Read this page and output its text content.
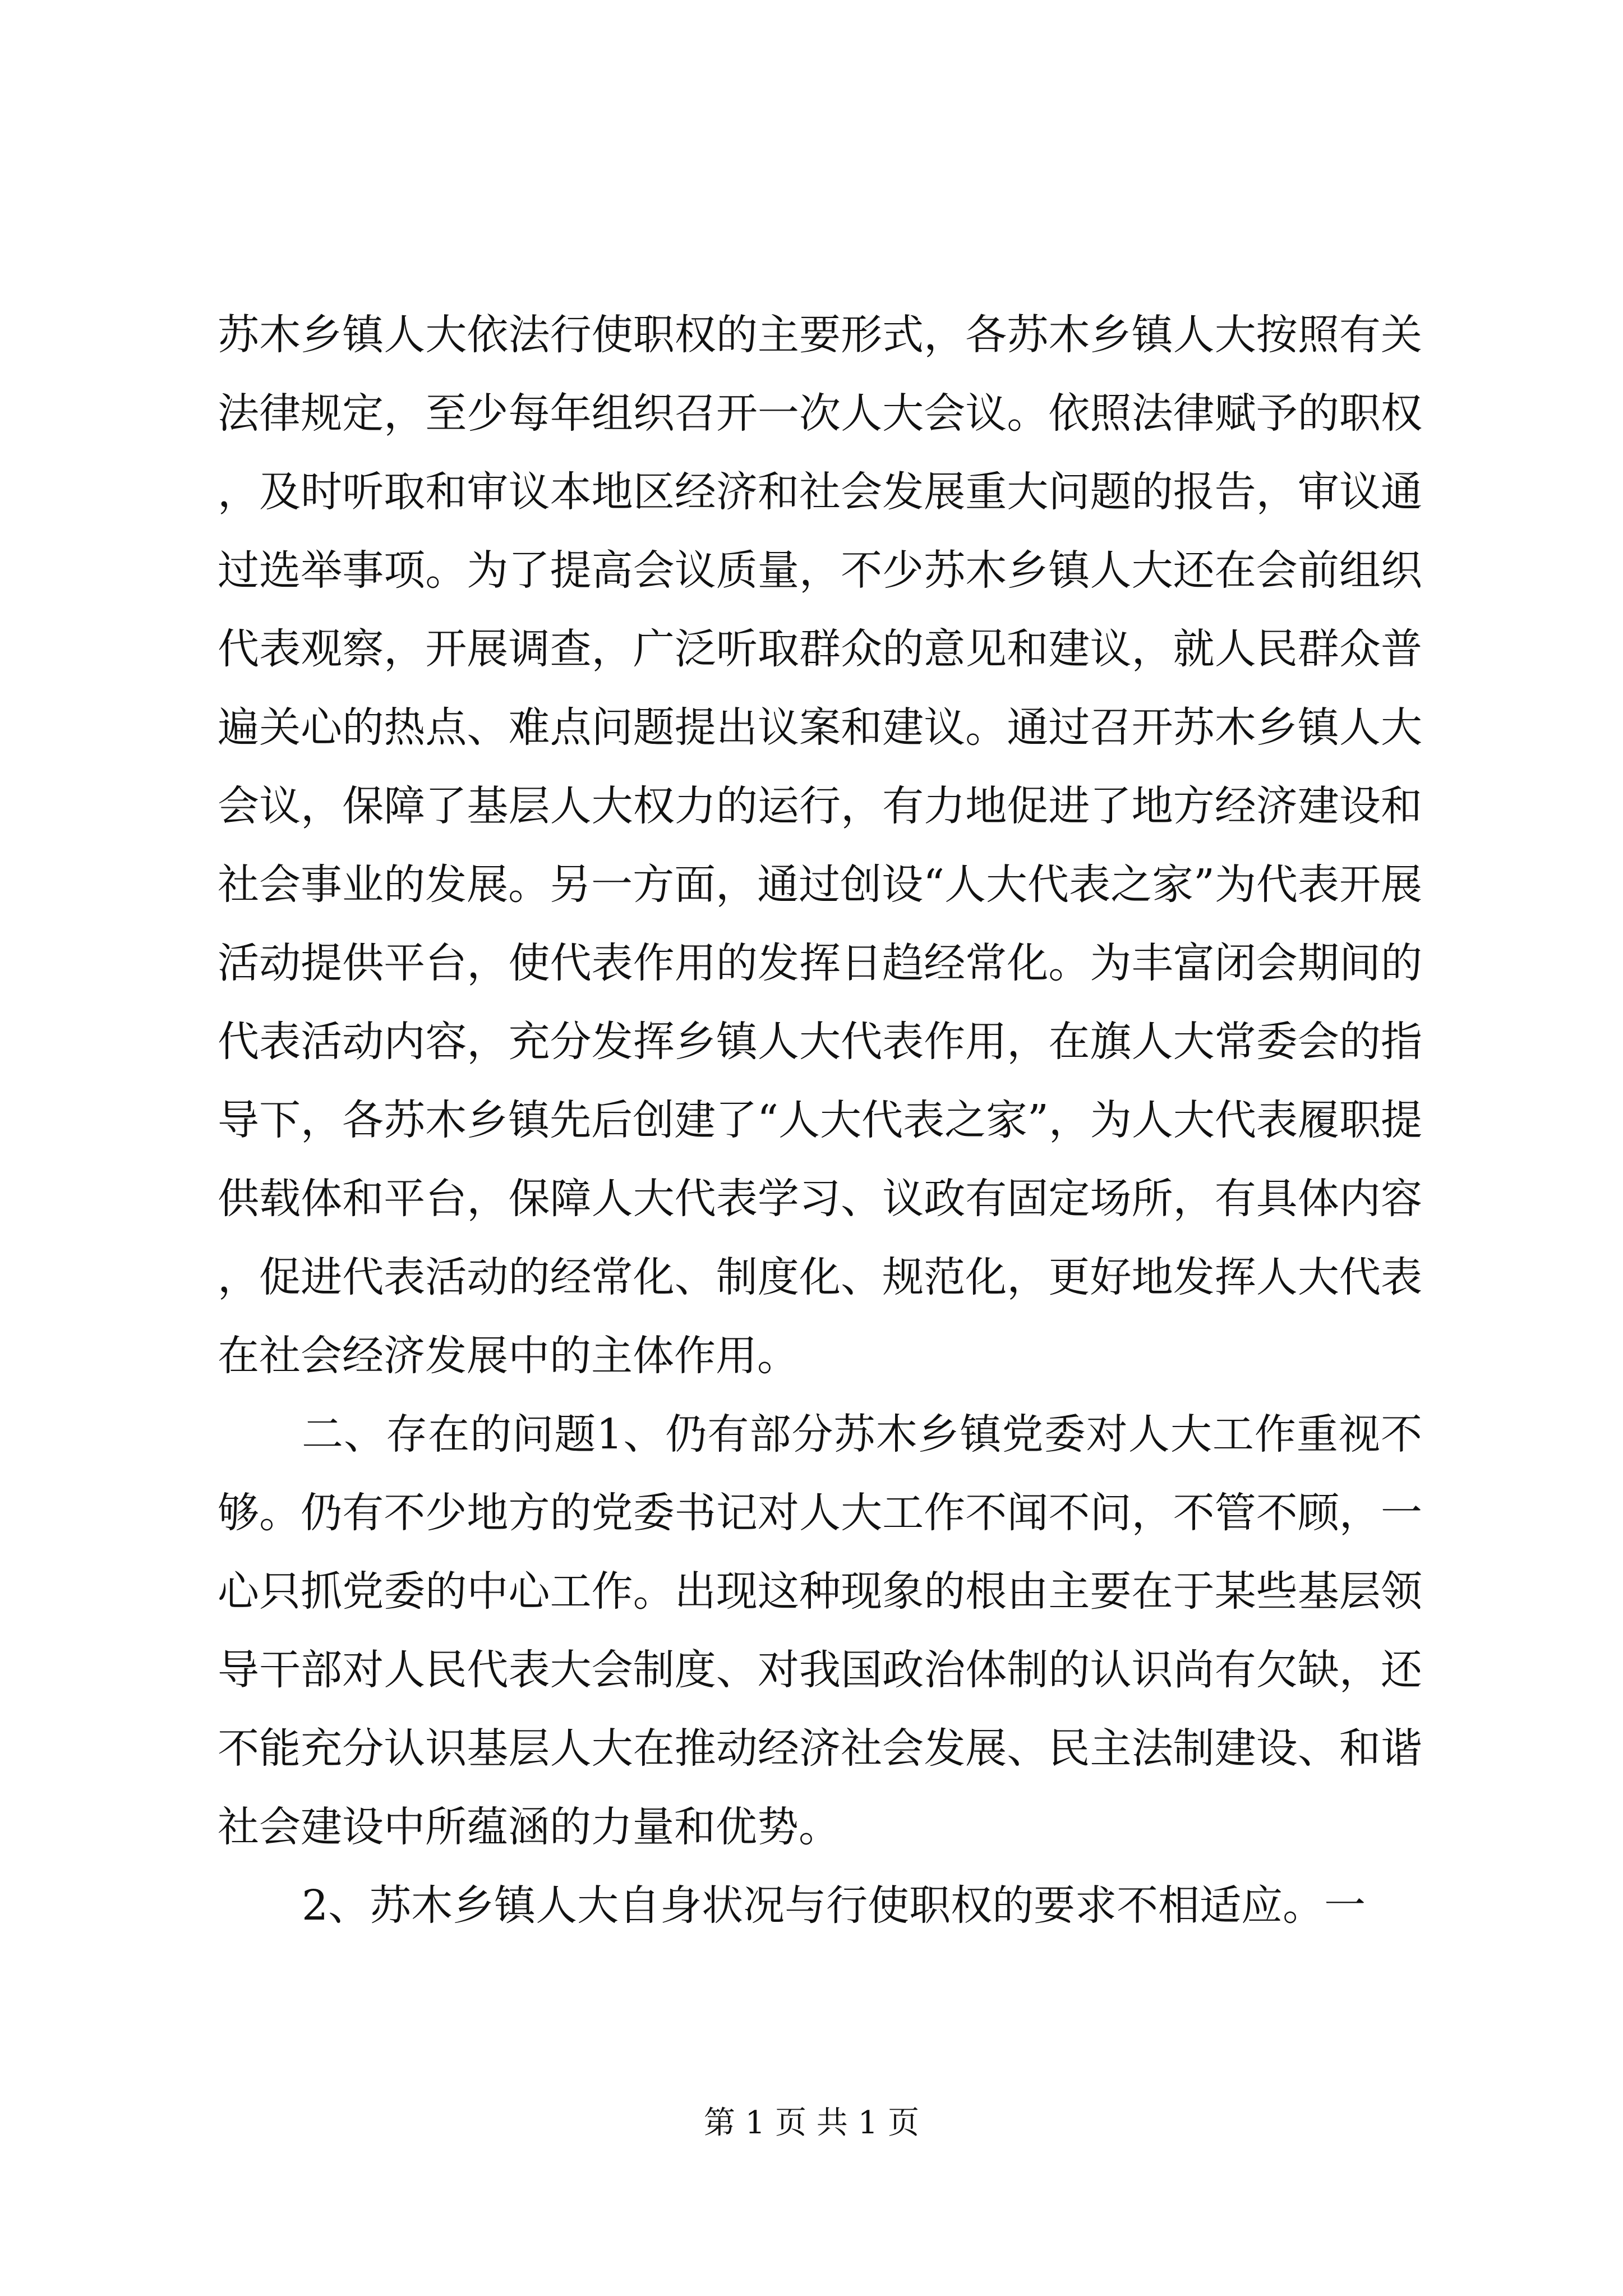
苏木乡镇人大依法行使职权的主要形式，各苏木乡镇人大按照有关法律规定，至少每年组织召开一次人大会议。依照法律赋予的职权，及时听取和审议本地区经济和社会发展重大问题的报告，审议通过选举事项。为了提高会议质量，不少苏木乡镇人大还在会前组织代表观察，开展调查，广泛听取群众的意见和建议，就人民群众普遍关心的热点、难点问题提出议案和建议。通过召开苏木乡镇人大会议，保障了基层人大权力的运行，有力地促进了地方经济建设和社会事业的发展。另一方面，通过创设“人大代表之家”为代表开展活动提供平台，使代表作用的发挥日趋经常化。为丰富闭会期间的代表活动内容，充分发挥乡镇人大代表作用，在旗人大常委会的指导下，各苏木乡镇先后创建了“人大代表之家”，为人大代表履职提供载体和平台，保障人大代表学习、议政有固定场所，有具体内容，促进代表活动的经常化、制度化、规范化，更好地发挥人大代表在社会经济发展中的主体作用。

二、存在的问题1、仍有部分苏木乡镇党委对人大工作重视不够。仍有不少地方的党委书记对人大工作不闻不问，不管不顾，一心只抓党委的中心工作。出现这种现象的根由主要在于某些基层领导干部对人民代表大会制度、对我国政治体制的认识尚有欠缺，还不能充分认识基层人大在推动经济社会发展、民主法制建设、和谐社会建设中所蕴涵的力量和优势。

2、苏木乡镇人大自身状况与行使职权的要求不相适应。一

第 1 页 共 1 页
